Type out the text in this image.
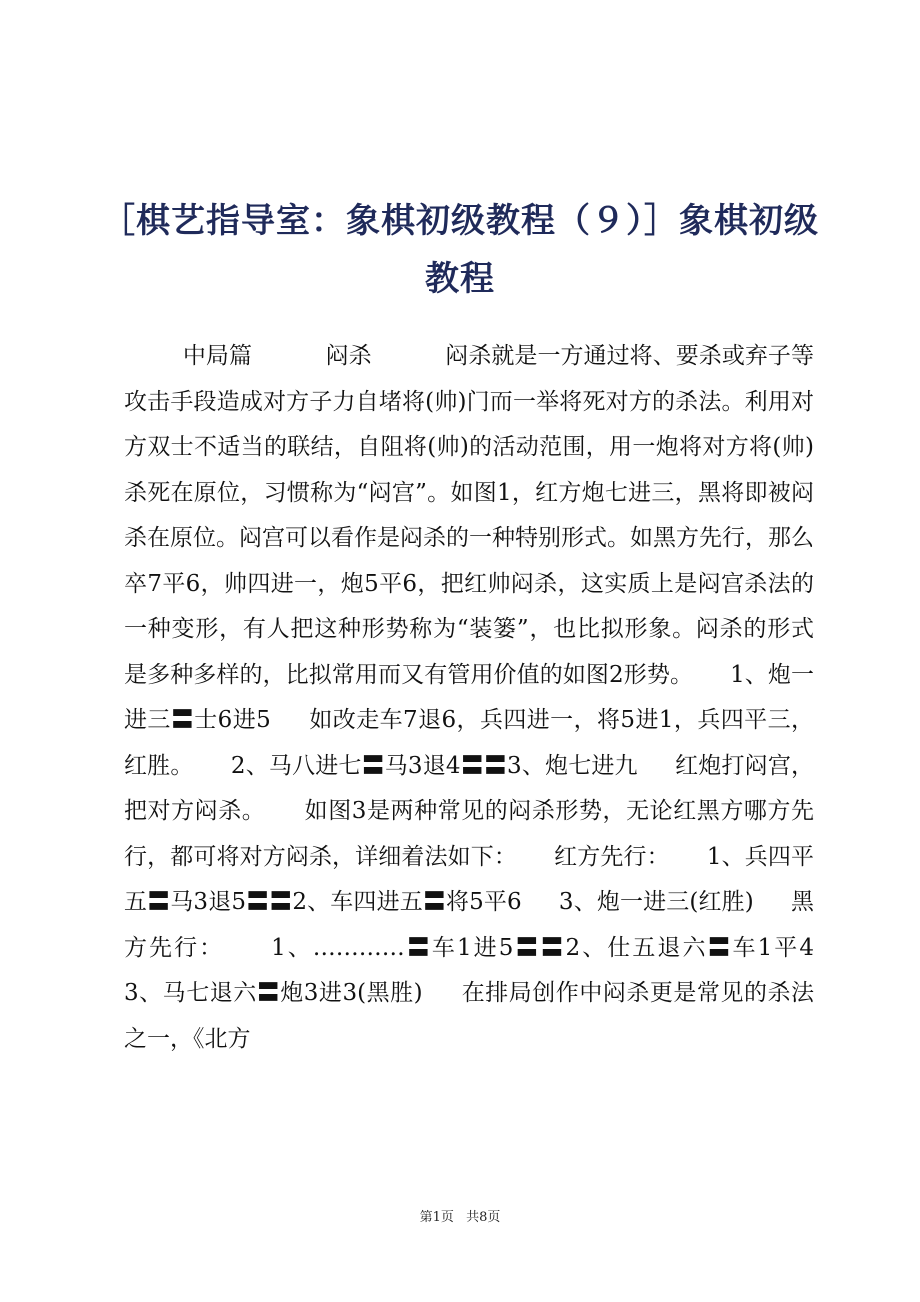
［棋艺指导室：象棋初级教程（９）］象棋初级
教程
中局篇          闷杀          闷杀就是一方通过将、要杀或弃子等攻击手段造成对方子力自堵将(帅)门而一举将死对方的杀法。利用对方双士不适当的联结，自阻将(帅)的活动范围，用一炮将对方将(帅)杀死在原位，习惯称为“闷宫”。如图1，红方炮七进三，黑将即被闷杀在原位。闷宫可以看作是闷杀的一种特别形式。如黑方先行，那么卒7平6，帅四进一，炮5平6，把红帅闷杀，这实质上是闷宫杀法的一种变形，有人把这种形势称为“装篓”，也比拟形象。闷杀的形式是多种多样的，比拟常用而又有管用价值的如图2形势。     1、炮一进三〓士6进5     如改走车7退6，兵四进一，将5进1，兵四平三，红胜。     2、马八进七〓马3退4〓〓3、炮七进九     红炮打闷宫，把对方闷杀。     如图3是两种常见的闷杀形势，无论红黑方哪方先行，都可将对方闷杀，详细着法如下：     红方先行：     1、兵四平五〓马3退5〓〓2、车四进五〓将5平6     3、炮一进三(红胜)     黑方先行：     1、…………〓车1进5〓〓2、仕五退六〓车1平4     3、马七退六〓炮3进3(黑胜)     在排局创作中闷杀更是常见的杀法之一，《北方
第1页 共8页
